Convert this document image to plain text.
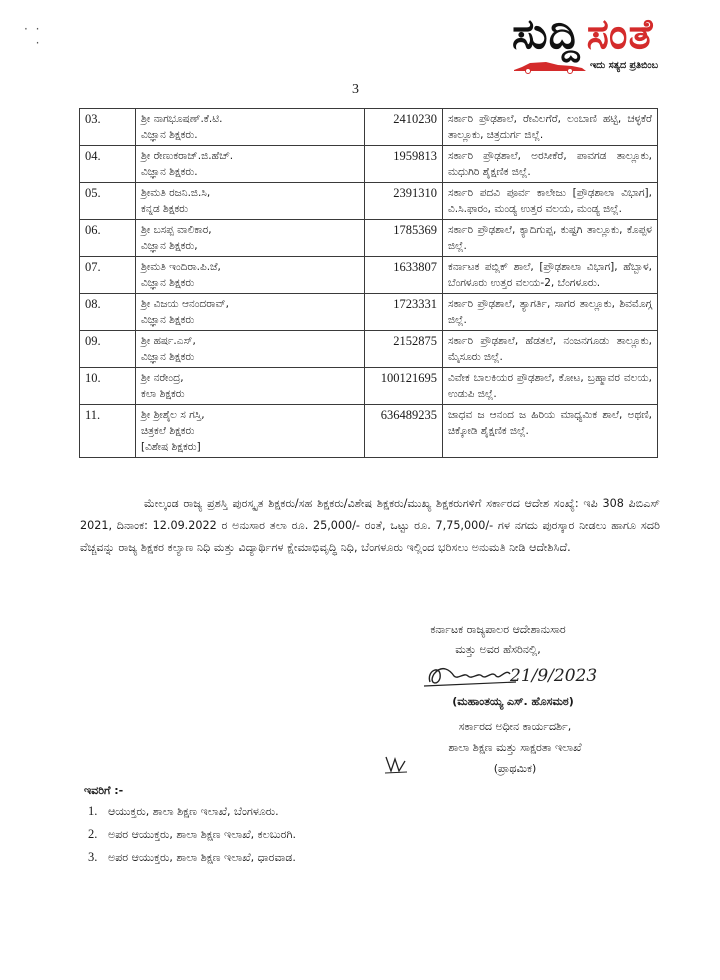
ಸುದ್ದಿ ಸಂತೆ
ಇದು ಸತ್ಯದ ಪ್ರತಿಬಿಂಬ
· ·
·
3
03.	ಶ್ರೀ ನಾಗಭೂಷಣ್.ಕೆ.ಟಿ.
ವಿಜ್ಞಾನ ಶಿಕ್ಷಕರು.	2410230	ಸರ್ಕಾರಿ ಪ್ರೌಢಶಾಲೆ, ರೇವಿಲಗೆರೆ, ಲಂಬಾಣಿ ಹಟ್ಟಿ, ಚಳ್ಳಕೆರೆ ತಾಲ್ಲೂಕು, ಚಿತ್ರದುರ್ಗ ಜಿಲ್ಲೆ.
04.	ಶ್ರೀ ರೇಣುಕರಾಜ್.ಜಿ.ಹೆಚ್.
ವಿಜ್ಞಾನ ಶಿಕ್ಷಕರು.	1959813	ಸರ್ಕಾರಿ ಪ್ರೌಢಶಾಲೆ, ಅರಸೀಕೆರೆ, ಪಾವಗಡ ತಾಲ್ಲೂಕು, ಮಧುಗಿರಿ ಶೈಕ್ಷಣಿಕ ಜಿಲ್ಲೆ.
05.	ಶ್ರೀಮತಿ ರಜನಿ.ಜಿ.ಸಿ,
ಕನ್ನಡ ಶಿಕ್ಷಕರು	2391310	ಸರ್ಕಾರಿ ಪದವಿ ಪೂರ್ವ ಕಾಲೇಜು [ಪ್ರೌಢಶಾಲಾ ವಿಭಾಗ], ವಿ.ಸಿ.ಫಾರಂ, ಮಂಡ್ಯ ಉತ್ತರ ವಲಯ, ಮಂಡ್ಯ ಜಿಲ್ಲೆ.
06.	ಶ್ರೀ ಬಸಪ್ಪ ವಾಲಿಕಾರ,
ವಿಜ್ಞಾನ ಶಿಕ್ಷಕರು,	1785369	ಸರ್ಕಾರಿ ಪ್ರೌಢಶಾಲೆ, ಕ್ಯಾದಿಗುಪ್ಪ, ಕುಷ್ಟಗಿ ತಾಲ್ಲೂಕು, ಕೊಪ್ಪಳ ಜಿಲ್ಲೆ.
07.	ಶ್ರೀಮತಿ ಇಂದಿರಾ.ಪಿ.ಜೆ,
ವಿಜ್ಞಾನ ಶಿಕ್ಷಕರು	1633807	ಕರ್ನಾಟಕ ಪಬ್ಲಿಕ್ ಶಾಲೆ, [ಪ್ರೌಢಶಾಲಾ ವಿಭಾಗ], ಹೆಬ್ಬಾಳ, ಬೆಂಗಳೂರು ಉತ್ತರ ವಲಯ-2, ಬೆಂಗಳೂರು.
08.	ಶ್ರೀ ವಿಜಯ ಆನಂದರಾವ್,
ವಿಜ್ಞಾನ ಶಿಕ್ಷಕರು	1723331	ಸರ್ಕಾರಿ ಪ್ರೌಢಶಾಲೆ, ತ್ಯಾಗರ್ತಿ, ಸಾಗರ ತಾಲ್ಲೂಕು, ಶಿವಮೊಗ್ಗ ಜಿಲ್ಲೆ.
09.	ಶ್ರೀ ಹರ್ಷ.ಎಸ್,
ವಿಜ್ಞಾನ ಶಿಕ್ಷಕರು	2152875	ಸರ್ಕಾರಿ ಪ್ರೌಢಶಾಲೆ, ಹೆಡತಲೆ, ನಂಜನಗೂಡು ತಾಲ್ಲೂಕು, ಮೈಸೂರು ಜಿಲ್ಲೆ.
10.	ಶ್ರೀ ನರೇಂದ್ರ,
ಕಲಾ ಶಿಕ್ಷಕರು	100121695	ವಿವೇಕ ಬಾಲಕಿಯರ ಪ್ರೌಢಶಾಲೆ, ಕೋಟ, ಬ್ರಹ್ಮಾವರ ವಲಯ, ಉಡುಪಿ ಜಿಲ್ಲೆ.
11.	ಶ್ರೀ ಶ್ರೀಶೈಲ ಸ ಗಸ್ತಿ,
ಚಿತ್ರಕಲೆ ಶಿಕ್ಷಕರು
[ವಿಶೇಷ ಶಿಕ್ಷಕರು]	636489235	ಜಾಧವ ಜ ಆನಂದ ಜ ಹಿರಿಯ ಮಾಧ್ಯಮಿಕ ಶಾಲೆ, ಅಥಣಿ, ಚಿಕ್ಕೋಡಿ ಶೈಕ್ಷಣಿಕ ಜಿಲ್ಲೆ.
ಮೇಲ್ಕಂಡ ರಾಜ್ಯ ಪ್ರಶಸ್ತಿ ಪುರಸ್ಕೃತ ಶಿಕ್ಷಕರು/ಸಹ ಶಿಕ್ಷಕರು/ವಿಶೇಷ ಶಿಕ್ಷಕರು/ಮುಖ್ಯ ಶಿಕ್ಷಕರುಗಳಿಗೆ ಸರ್ಕಾರದ ಆದೇಶ ಸಂಖ್ಯೆ: ಇಪಿ 308 ಪಿಬಿಎಸ್ 2021, ದಿನಾಂಕ: 12.09.2022 ರ ಅನುಸಾರ ತಲಾ ರೂ. 25,000/- ರಂತೆ, ಒಟ್ಟು ರೂ. 7,75,000/- ಗಳ ನಗದು ಪುರಸ್ಕಾರ ನೀಡಲು ಹಾಗೂ ಸದರಿ ವೆಚ್ಚವನ್ನು ರಾಜ್ಯ ಶಿಕ್ಷಕರ ಕಲ್ಯಾಣ ನಿಧಿ ಮತ್ತು ವಿದ್ಯಾರ್ಥಿಗಳ ಕ್ಷೇಮಾಭಿವೃದ್ಧಿ ನಿಧಿ, ಬೆಂಗಳೂರು ಇಲ್ಲಿಂದ ಭರಿಸಲು ಅನುಮತಿ ನೀಡಿ ಆದೇಶಿಸಿದೆ.
ಕರ್ನಾಟಕ ರಾಜ್ಯಪಾಲರ ಆದೇಶಾನುಸಾರ
ಮತ್ತು ಅವರ ಹೆಸರಿನಲ್ಲಿ,
21/9/2023
(ಮಹಾಂತಯ್ಯ ಎಸ್. ಹೊಸಮಠ)
ಸರ್ಕಾರದ ಅಧೀನ ಕಾರ್ಯದರ್ಶಿ,
ಶಾಲಾ ಶಿಕ್ಷಣ ಮತ್ತು ಸಾಕ್ಷರತಾ ಇಲಾಖೆ
(ಪ್ರಾಥಮಿಕ)
ಇವರಿಗೆ :-
1. ಆಯುಕ್ತರು, ಶಾಲಾ ಶಿಕ್ಷಣ ಇಲಾಖೆ, ಬೆಂಗಳೂರು.
2. ಅಪರ ಆಯುಕ್ತರು, ಶಾಲಾ ಶಿಕ್ಷಣ ಇಲಾಖೆ, ಕಲಬುರಗಿ.
3. ಅಪರ ಆಯುಕ್ತರು, ಶಾಲಾ ಶಿಕ್ಷಣ ಇಲಾಖೆ, ಧಾರವಾಡ.
